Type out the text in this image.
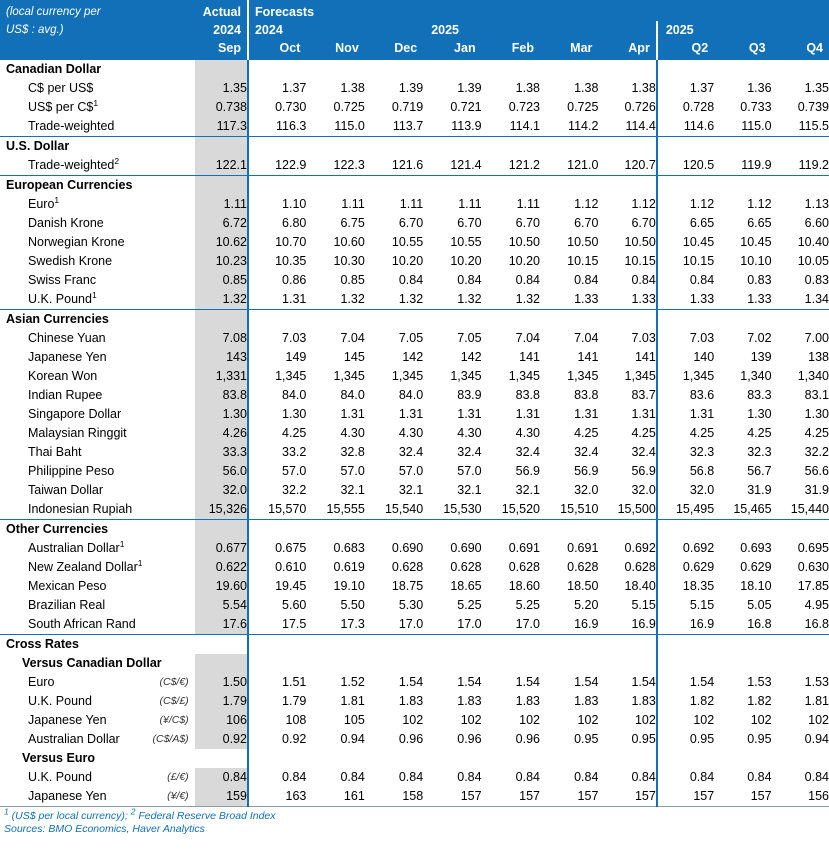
(local currency per	Actual	Forecasts									
US$ : avg.)	2024	2024			2025				2025		
	Sep	Oct	Nov	Dec	Jan	Feb	Mar	Apr	Q2	Q3	Q4

Canadian Dollar											
C$ per US$	1.35	1.37	1.38	1.39	1.39	1.38	1.38	1.38	1.37	1.36	1.35
US$ per C\$$^1$	0.738	0.730	0.725	0.719	0.721	0.723	0.725	0.726	0.728	0.733	0.739
Trade-weighted	117.3	116.3	115.0	113.7	113.9	114.1	114.2	114.4	114.6	115.0	115.5

U.S. Dollar											
Trade-weighted$^2$	122.1	122.9	122.3	121.6	121.4	121.2	121.0	120.7	120.5	119.9	119.2

European Currencies											
Euro$^1$	1.11	1.10	1.11	1.11	1.11	1.11	1.12	1.12	1.12	1.12	1.13
Danish Krone	6.72	6.80	6.75	6.70	6.70	6.70	6.70	6.70	6.65	6.65	6.60
Norwegian Krone	10.62	10.70	10.60	10.55	10.55	10.50	10.50	10.50	10.45	10.45	10.40
Swedish Krone	10.23	10.35	10.30	10.20	10.20	10.20	10.15	10.15	10.15	10.10	10.05
Swiss Franc	0.85	0.86	0.85	0.84	0.84	0.84	0.84	0.84	0.84	0.83	0.83
U.K. Pound$^1$	1.32	1.31	1.32	1.32	1.32	1.32	1.33	1.33	1.33	1.33	1.34

Asian Currencies											
Chinese Yuan	7.08	7.03	7.04	7.05	7.05	7.04	7.04	7.03	7.03	7.02	7.00
Japanese Yen	143	149	145	142	142	141	141	141	140	139	138
Korean Won	1,331	1,345	1,345	1,345	1,345	1,345	1,345	1,345	1,345	1,340	1,340
Indian Rupee	83.8	84.0	84.0	84.0	83.9	83.8	83.8	83.7	83.6	83.3	83.1
Singapore Dollar	1.30	1.30	1.31	1.31	1.31	1.31	1.31	1.31	1.31	1.30	1.30
Malaysian Ringgit	4.26	4.25	4.30	4.30	4.30	4.30	4.25	4.25	4.25	4.25	4.25
Thai Baht	33.3	33.2	32.8	32.4	32.4	32.4	32.4	32.4	32.3	32.3	32.2
Philippine Peso	56.0	57.0	57.0	57.0	57.0	56.9	56.9	56.9	56.8	56.7	56.6
Taiwan Dollar	32.0	32.2	32.1	32.1	32.1	32.1	32.0	32.0	32.0	31.9	31.9
Indonesian Rupiah	15,326	15,570	15,555	15,540	15,530	15,520	15,510	15,500	15,495	15,465	15,440

Other Currencies											
Australian Dollar$^1$	0.677	0.675	0.683	0.690	0.690	0.691	0.691	0.692	0.692	0.693	0.695
New Zealand Dollar$^1$	0.622	0.610	0.619	0.628	0.628	0.628	0.628	0.628	0.629	0.629	0.630
Mexican Peso	19.60	19.45	19.10	18.75	18.65	18.60	18.50	18.40	18.35	18.10	17.85
Brazilian Real	5.54	5.60	5.50	5.30	5.25	5.25	5.20	5.15	5.15	5.05	4.95
South African Rand	17.6	17.5	17.3	17.0	17.0	17.0	16.9	16.9	16.9	16.8	16.8

Cross Rates											
Versus Canadian Dollar											
Euro (C$/€)	1.50	1.51	1.52	1.54	1.54	1.54	1.54	1.54	1.54	1.53	1.53
U.K. Pound (C$/£)	1.79	1.79	1.81	1.83	1.83	1.83	1.83	1.83	1.82	1.82	1.81
Japanese Yen (¥/C$)	106	108	105	102	102	102	102	102	102	102	102
Australian Dollar (C$/A$)	0.92	0.92	0.94	0.96	0.96	0.96	0.95	0.95	0.95	0.95	0.94
Versus Euro											
U.K. Pound (£/€)	0.84	0.84	0.84	0.84	0.84	0.84	0.84	0.84	0.84	0.84	0.84
Japanese Yen (¥/€)	159	163	161	158	157	157	157	157	157	157	156

$^1$ (US$ per local currency); $^2$ Federal Reserve Broad Index
Sources: BMO Economics, Haver Analytics
